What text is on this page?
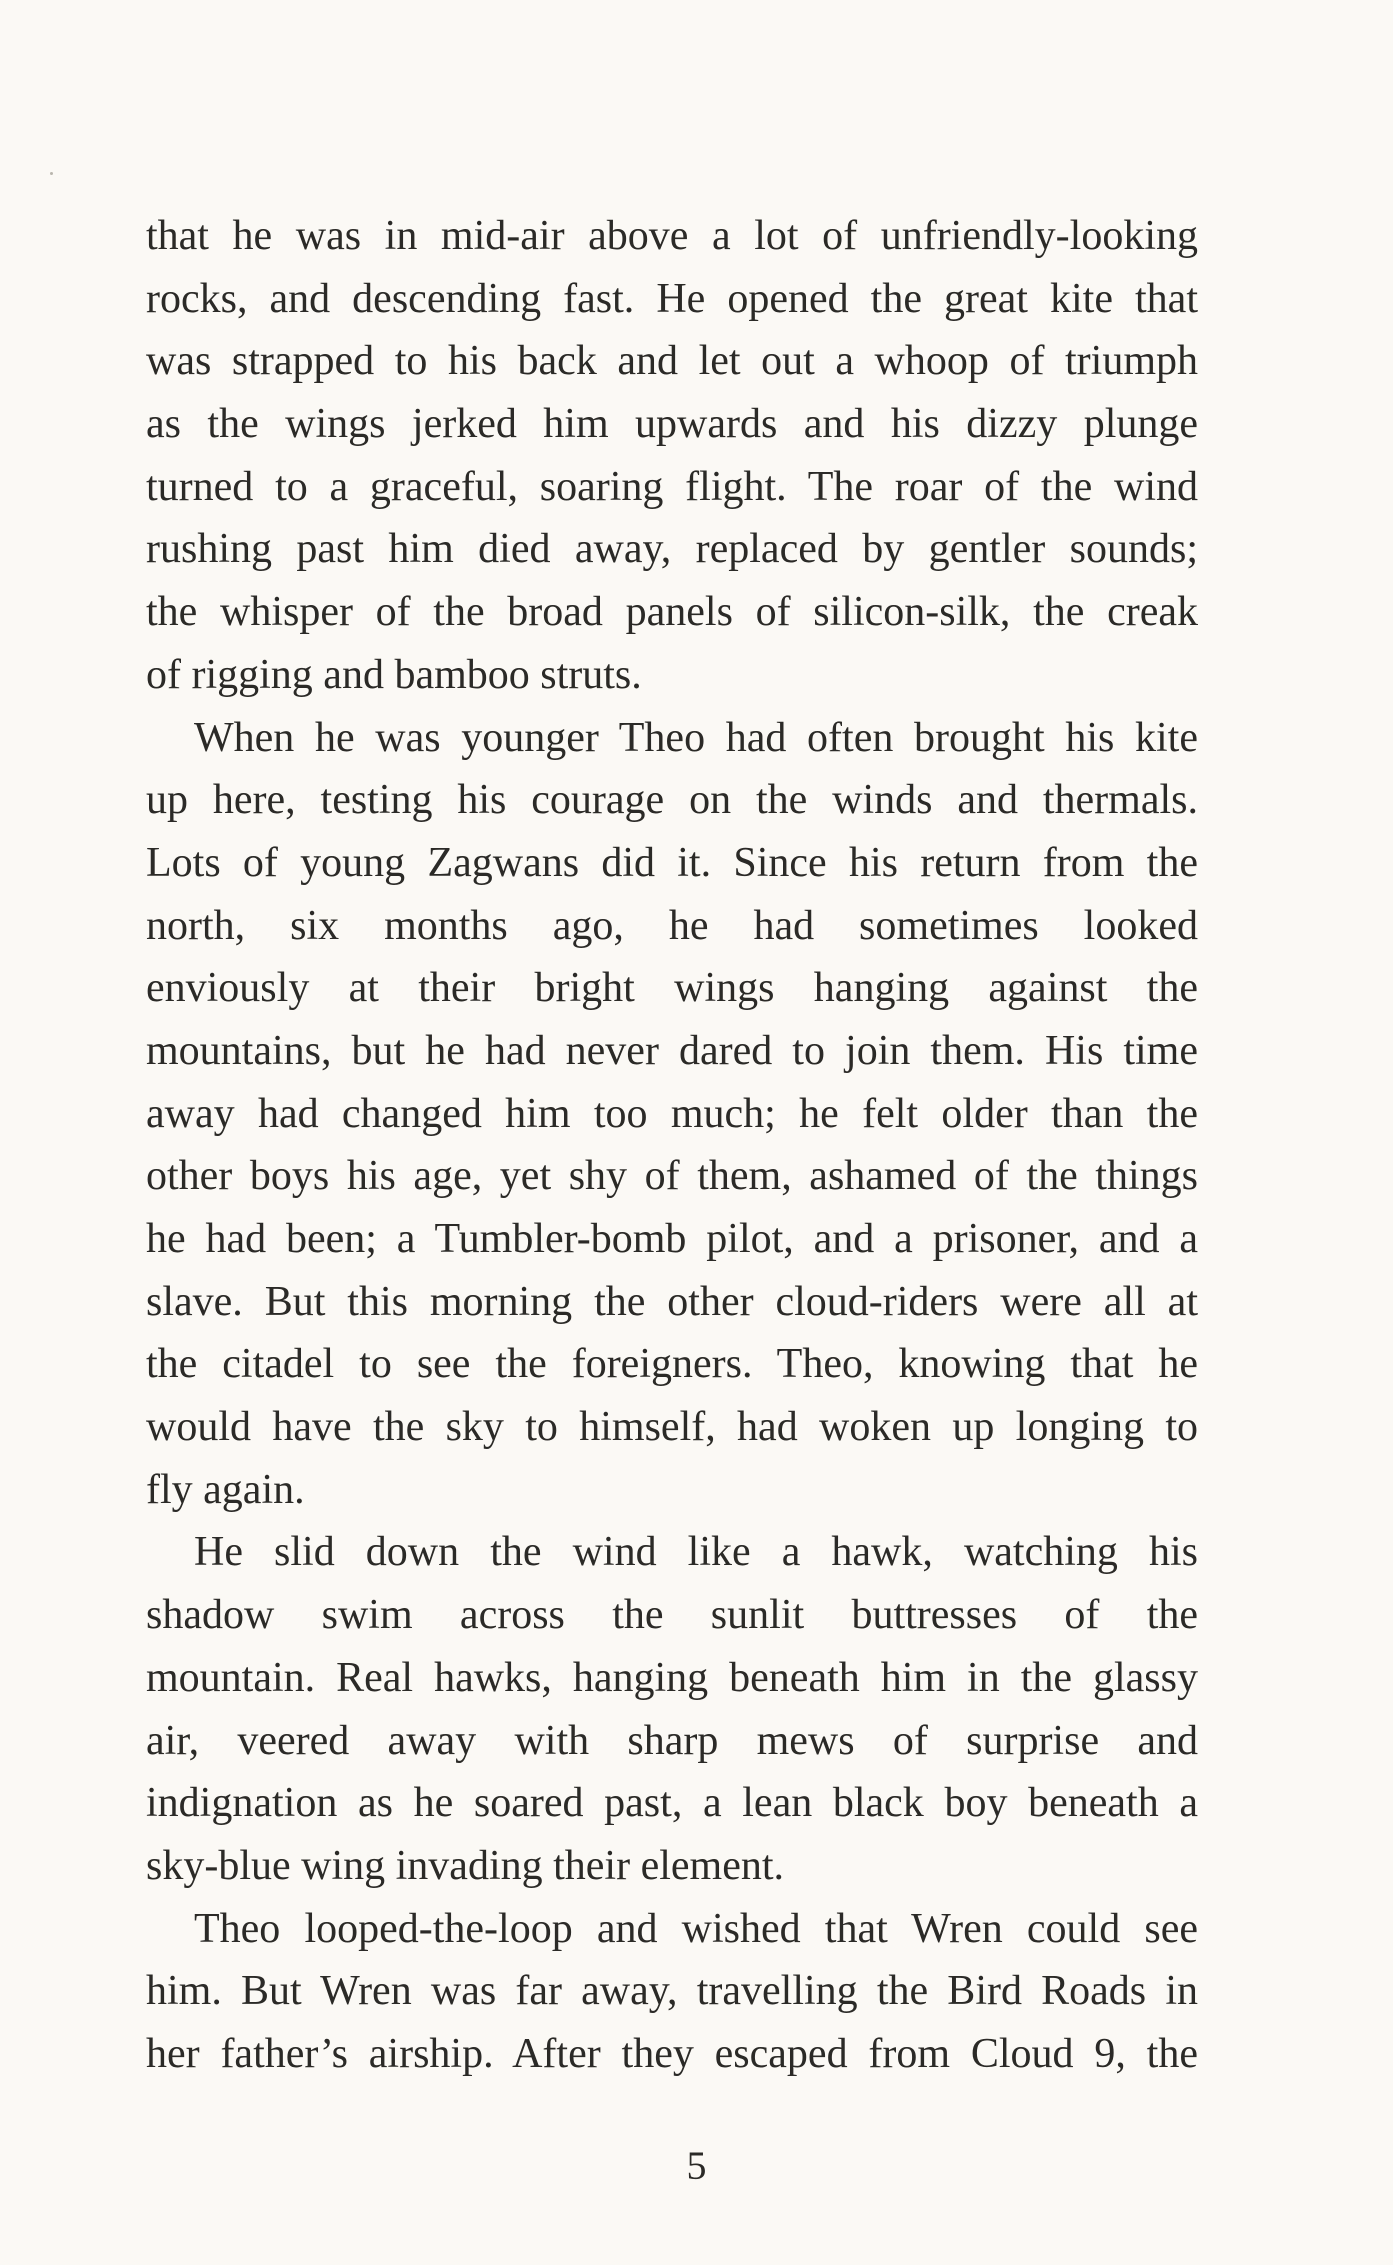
that he was in mid-air above a lot of unfriendly-looking
rocks, and descending fast. He opened the great kite that
was strapped to his back and let out a whoop of triumph
as the wings jerked him upwards and his dizzy plunge
turned to a graceful, soaring flight. The roar of the wind
rushing past him died away, replaced by gentler sounds;
the whisper of the broad panels of silicon-silk, the creak
of rigging and bamboo struts.
When he was younger Theo had often brought his kite
up here, testing his courage on the winds and thermals.
Lots of young Zagwans did it. Since his return from the
north, six months ago, he had sometimes looked
enviously at their bright wings hanging against the
mountains, but he had never dared to join them. His time
away had changed him too much; he felt older than the
other boys his age, yet shy of them, ashamed of the things
he had been; a Tumbler-bomb pilot, and a prisoner, and a
slave. But this morning the other cloud-riders were all at
the citadel to see the foreigners. Theo, knowing that he
would have the sky to himself, had woken up longing to
fly again.
He slid down the wind like a hawk, watching his
shadow swim across the sunlit buttresses of the
mountain. Real hawks, hanging beneath him in the glassy
air, veered away with sharp mews of surprise and
indignation as he soared past, a lean black boy beneath a
sky-blue wing invading their element.
Theo looped-the-loop and wished that Wren could see
him. But Wren was far away, travelling the Bird Roads in
her father’s airship. After they escaped from Cloud 9, the
5
